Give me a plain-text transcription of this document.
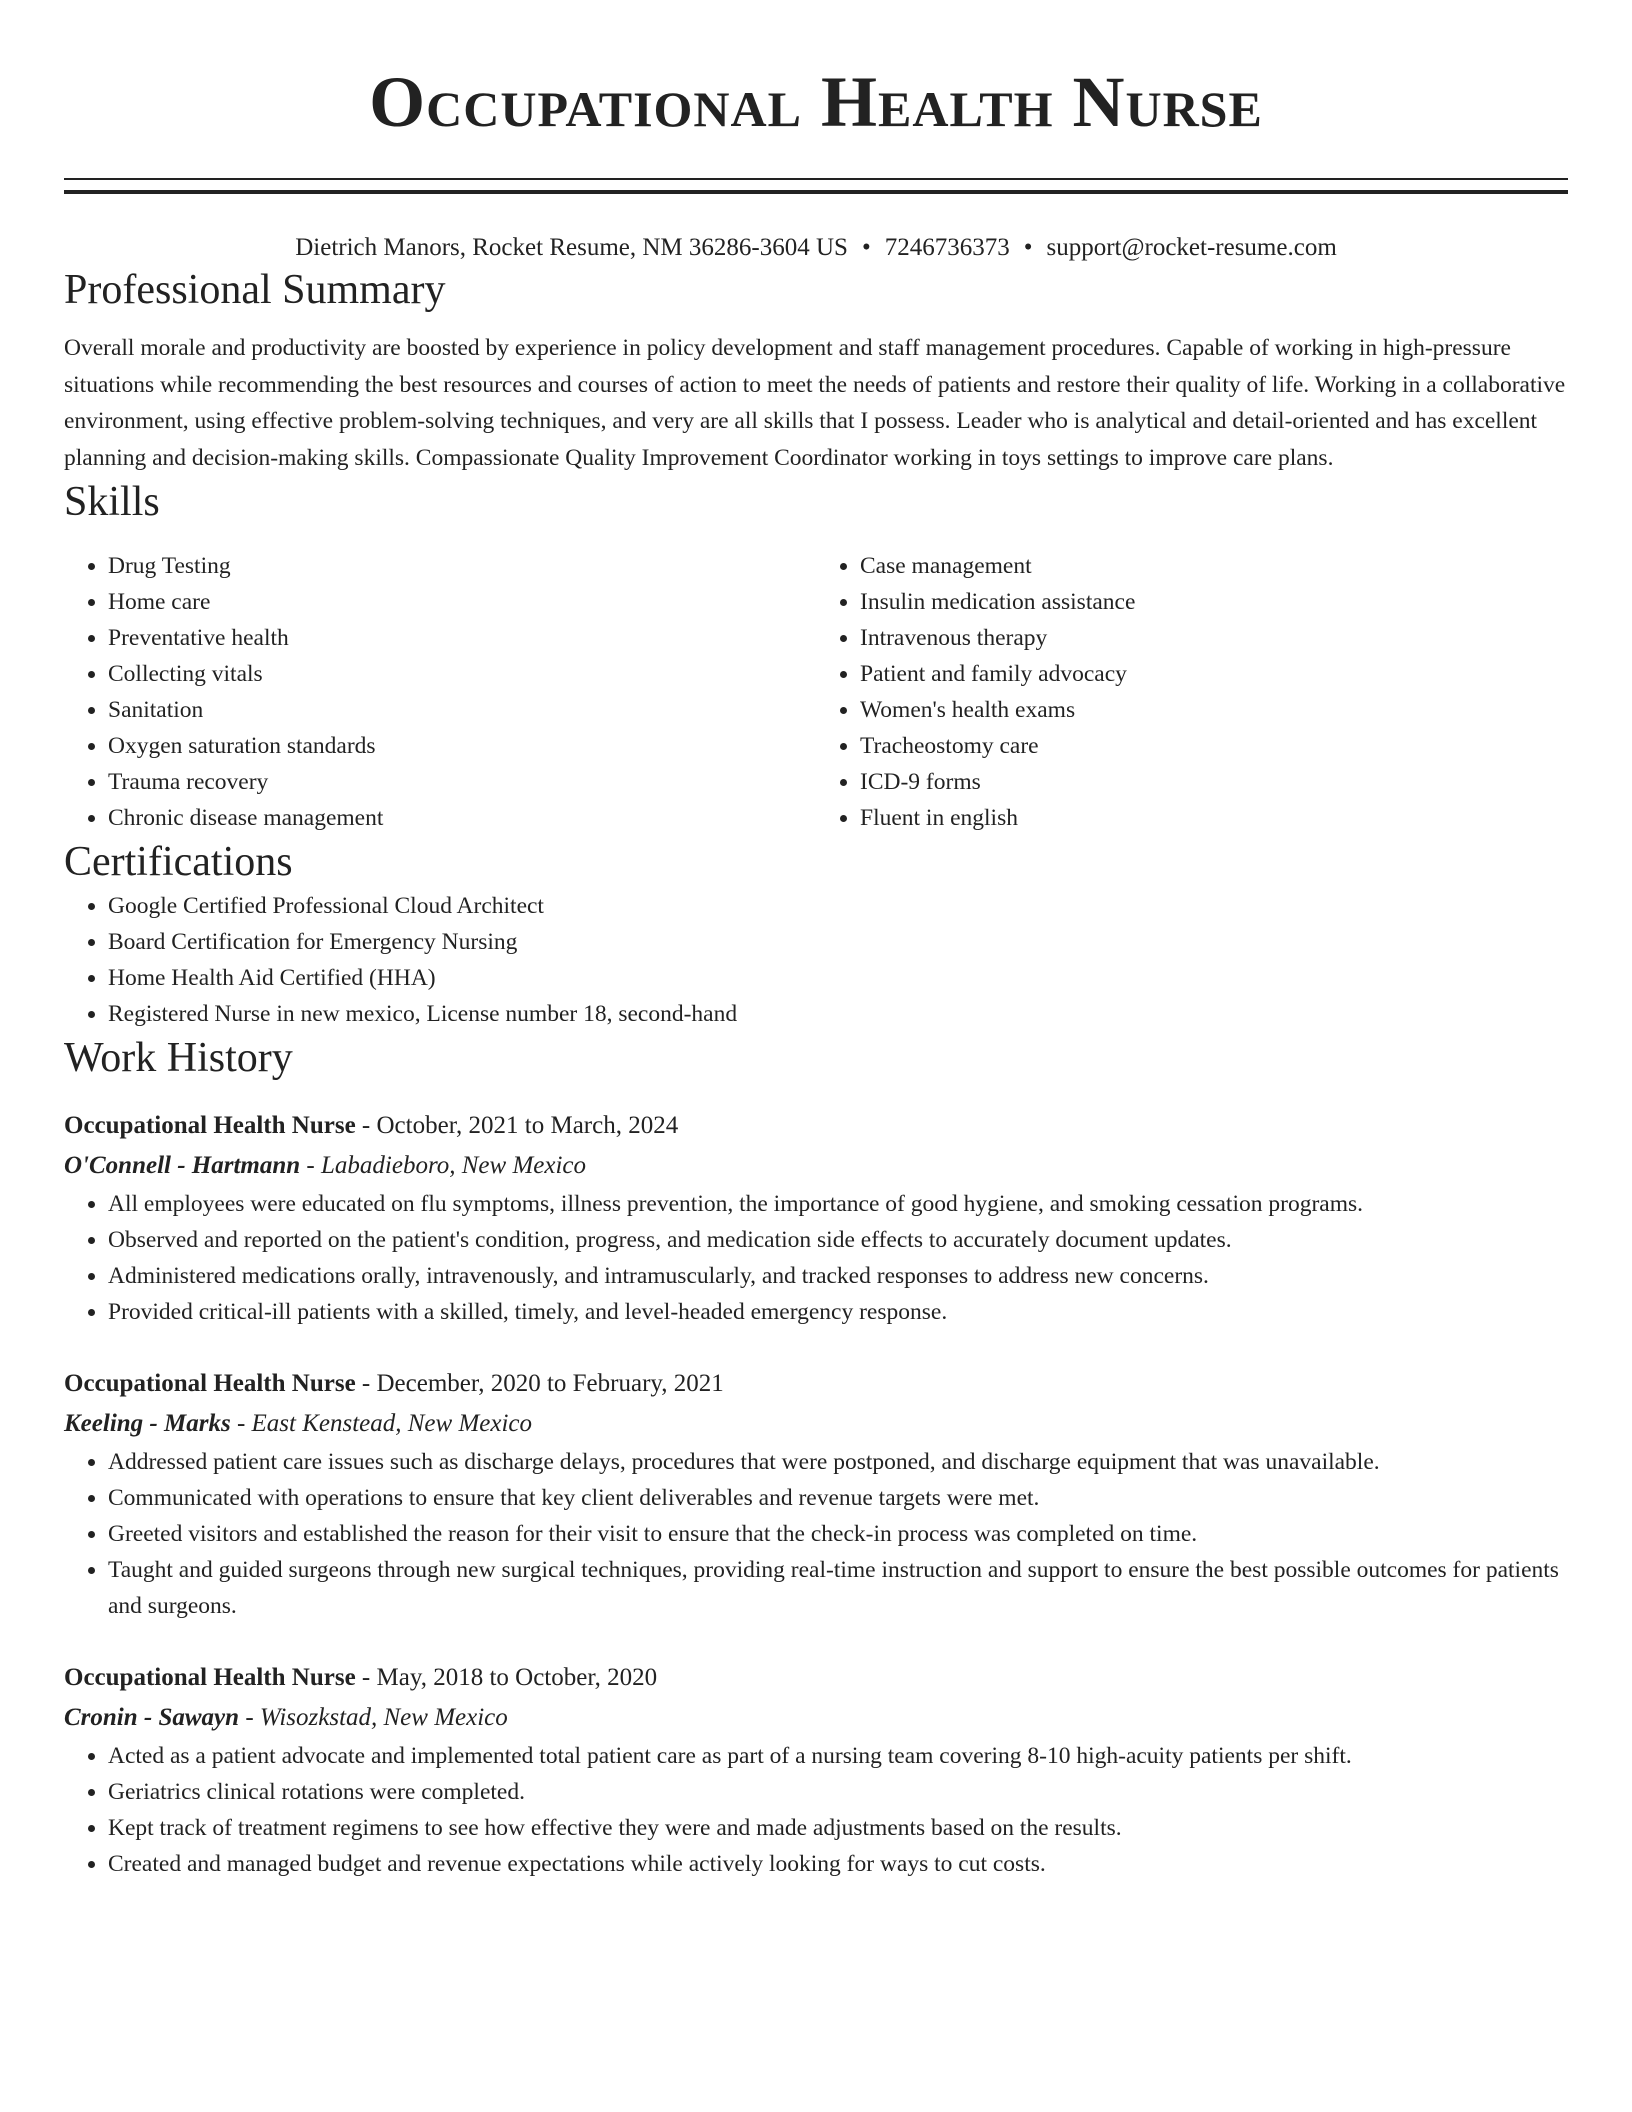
Occupational Health Nurse
Dietrich Manors, Rocket Resume, NM 36286-3604 US • 7246736373 • support@rocket-resume.com
Professional Summary

Overall morale and productivity are boosted by experience in policy development and staff management procedures. Capable of working in high-pressure situations while recommending the best resources and courses of action to meet the needs of patients and restore their quality of life. Working in a collaborative environment, using effective problem-solving techniques, and very are all skills that I possess. Leader who is analytical and detail-oriented and has excellent planning and decision-making skills. Compassionate Quality Improvement Coordinator working in toys settings to improve care plans.

Skills
• Drug Testing
• Home care
• Preventative health
• Collecting vitals
• Sanitation
• Oxygen saturation standards
• Trauma recovery
• Chronic disease management
• Case management
• Insulin medication assistance
• Intravenous therapy
• Patient and family advocacy
• Women's health exams
• Tracheostomy care
• ICD-9 forms
• Fluent in english
Certifications
• Google Certified Professional Cloud Architect
• Board Certification for Emergency Nursing
• Home Health Aid Certified (HHA)
• Registered Nurse in new mexico, License number 18, second-hand
Work History
Occupational Health Nurse - October, 2021 to March, 2024
O'Connell - Hartmann - Labadieboro, New Mexico
• All employees were educated on flu symptoms, illness prevention, the importance of good hygiene, and smoking cessation programs.
• Observed and reported on the patient's condition, progress, and medication side effects to accurately document updates.
• Administered medications orally, intravenously, and intramuscularly, and tracked responses to address new concerns.
• Provided critical-ill patients with a skilled, timely, and level-headed emergency response.
Occupational Health Nurse - December, 2020 to February, 2021
Keeling - Marks - East Kenstead, New Mexico
• Addressed patient care issues such as discharge delays, procedures that were postponed, and discharge equipment that was unavailable.
• Communicated with operations to ensure that key client deliverables and revenue targets were met.
• Greeted visitors and established the reason for their visit to ensure that the check-in process was completed on time.
• Taught and guided surgeons through new surgical techniques, providing real-time instruction and support to ensure the best possible outcomes for patients and surgeons.
Occupational Health Nurse - May, 2018 to October, 2020
Cronin - Sawayn - Wisozkstad, New Mexico
• Acted as a patient advocate and implemented total patient care as part of a nursing team covering 8-10 high-acuity patients per shift.
• Geriatrics clinical rotations were completed.
• Kept track of treatment regimens to see how effective they were and made adjustments based on the results.
• Created and managed budget and revenue expectations while actively looking for ways to cut costs.
